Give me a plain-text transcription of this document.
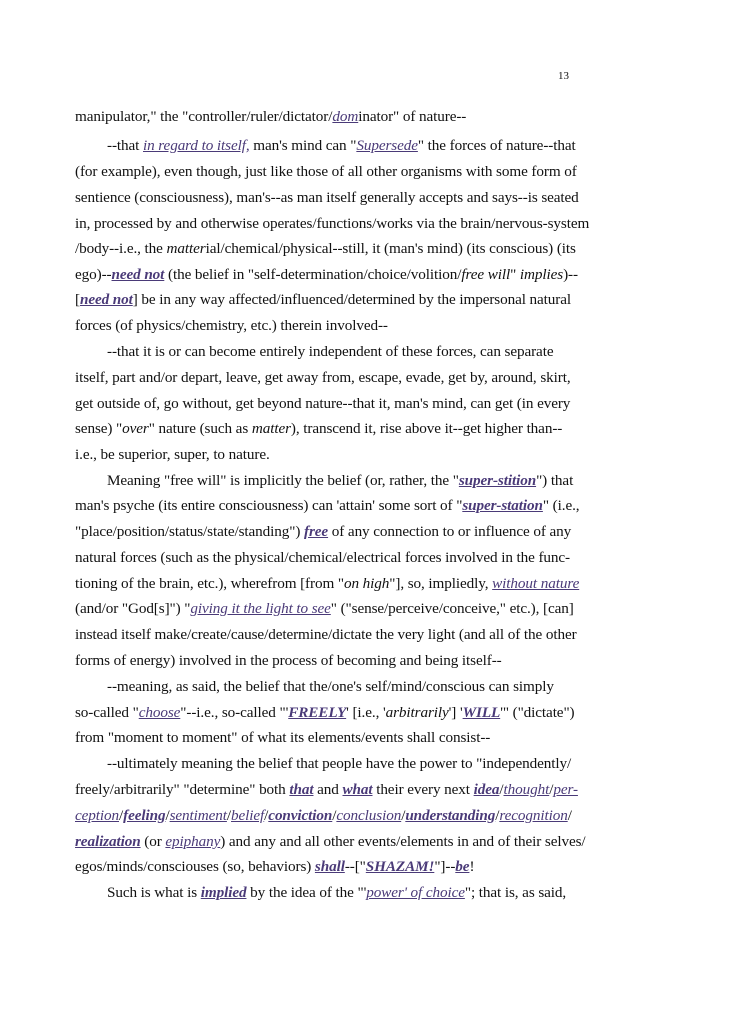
13
manipulator," the "controller/ruler/dictator/dominator" of nature--
--that in regard to itself, man's mind can "Supersede" the forces of nature--that
(for example), even though, just like those of all other organisms with some form of
sentience (consciousness), man's--as man itself generally accepts and says--is seated
in, processed by and otherwise operates/functions/works via the brain/nervous-system
/body--i.e., the matterial/chemical/physical--still, it (man's mind) (its conscious) (its
ego)--need not (the belief in "self-determination/choice/volition/free will" implies)--
[need not] be in any way affected/influenced/determined by the impersonal natural
forces (of physics/chemistry, etc.) therein involved--
--that it is or can become entirely independent of these forces, can separate
itself, part and/or depart, leave, get away from, escape, evade, get by, around, skirt,
get outside of, go without, get beyond nature--that it, man's mind, can get (in every
sense) "over" nature (such as matter), transcend it, rise above it--get higher than--
i.e., be superior, super, to nature.
Meaning "free will" is implicitly the belief (or, rather, the "super-stition") that
man's psyche (its entire consciousness) can 'attain' some sort of "super-station" (i.e.,
"place/position/status/state/standing") free of any connection to or influence of any
natural forces (such as the physical/chemical/electrical forces involved in the func-
tioning of the brain, etc.), wherefrom [from "on high"], so, impliedly, without nature
(and/or "God[s]") "giving it the light to see" ("sense/perceive/conceive," etc.), [can]
instead itself make/create/cause/determine/dictate the very light (and all of the other
forms of energy) involved in the process of becoming and being itself--
--meaning, as said, the belief that the/one's self/mind/conscious can simply
so-called "choose"--i.e., so-called "'FREELY' [i.e., 'arbitrarily'] 'WILL'" ("dictate")
from "moment to moment" of what its elements/events shall consist--
--ultimately meaning the belief that people have the power to "independently/
freely/arbitrarily" "determine" both that and what their every next idea/thought/per-
ception/feeling/sentiment/belief/conviction/conclusion/understanding/recognition/
realization (or epiphany) and any and all other events/elements in and of their selves/
egos/minds/consciouses (so, behaviors) shall--["SHAZAM!"]--be!
Such is what is implied by the idea of the "'power' of choice"; that is, as said,
